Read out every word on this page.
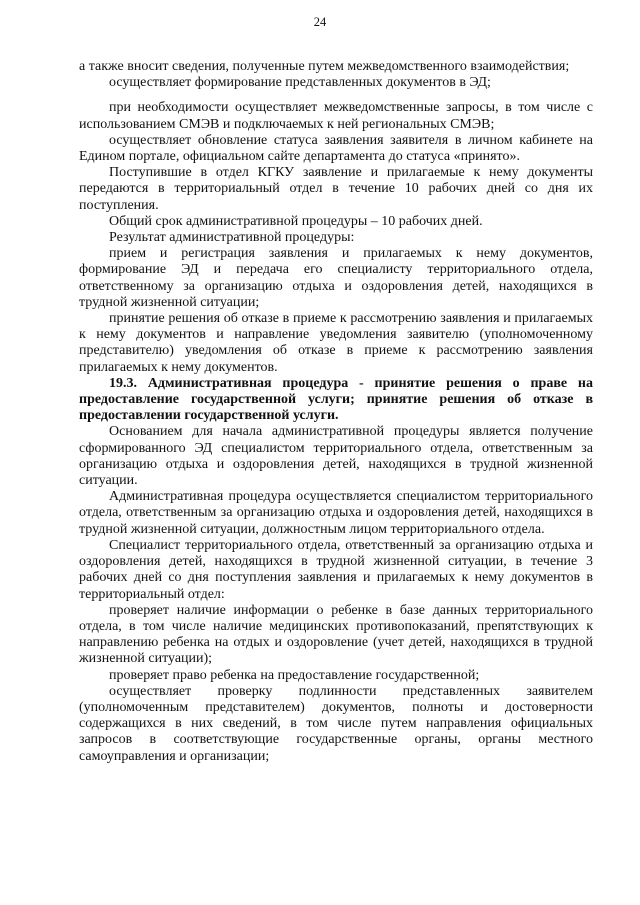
24

а также вносит сведения, полученные путем межведомственного взаимодействия;

осуществляет формирование представленных документов в ЭД;

при необходимости осуществляет межведомственные запросы, в том числе с использованием СМЭВ и подключаемых к ней региональных СМЭВ;

осуществляет обновление статуса заявления заявителя в личном кабинете на Едином портале, официальном сайте департамента до статуса «принято».

Поступившие в отдел КГКУ заявление и прилагаемые к нему документы передаются в территориальный отдел в течение 10 рабочих дней со дня их поступления.

Общий срок административной процедуры – 10 рабочих дней.

Результат административной процедуры:

прием и регистрация заявления и прилагаемых к нему документов, формирование ЭД и передача его специалисту территориального отдела, ответственному за организацию отдыха и оздоровления детей, находящихся в трудной жизненной ситуации;

принятие решения об отказе в приеме к рассмотрению заявления и прилагаемых к нему документов и направление уведомления заявителю (уполномоченному представителю) уведомления об отказе в приеме к рассмотрению заявления прилагаемых к нему документов.

19.3. Административная процедура - принятие решения о праве на предоставление государственной услуги; принятие решения об отказе в предоставлении государственной услуги.

Основанием для начала административной процедуры является получение сформированного ЭД специалистом территориального отдела, ответственным за организацию отдыха и оздоровления детей, находящихся в трудной жизненной ситуации.

Административная процедура осуществляется специалистом территориального отдела, ответственным за организацию отдыха и оздоровления детей, находящихся в трудной жизненной ситуации, должностным лицом территориального отдела.

Специалист территориального отдела, ответственный за организацию отдыха и оздоровления детей, находящихся в трудной жизненной ситуации, в течение 3 рабочих дней со дня поступления заявления и прилагаемых к нему документов в территориальный отдел:

проверяет наличие информации о ребенке в базе данных территориального отдела, в том числе наличие медицинских противопоказаний, препятствующих к направлению ребенка на отдых и оздоровление (учет детей, находящихся в трудной жизненной ситуации);

проверяет право ребенка на предоставление государственной;

осуществляет проверку подлинности представленных заявителем (уполномоченным представителем) документов, полноты и достоверности содержащихся в них сведений, в том числе путем направления официальных запросов в соответствующие государственные органы, органы местного самоуправления и организации;
